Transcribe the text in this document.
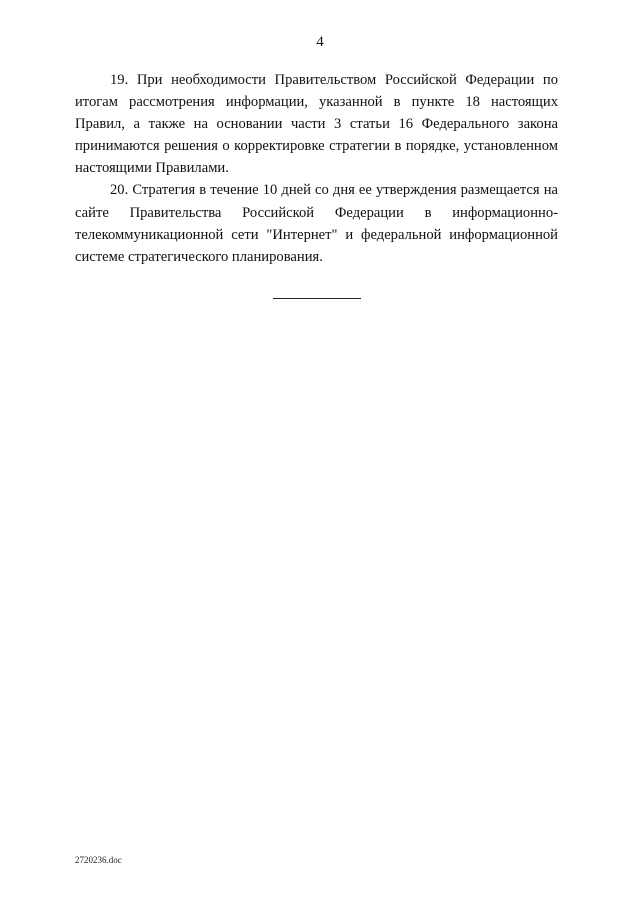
4

19. При необходимости Правительством Российской Федерации по итогам рассмотрения информации, указанной в пункте 18 настоящих Правил, а также на основании части 3 статьи 16 Федерального закона принимаются решения о корректировке стратегии в порядке, установленном настоящими Правилами.

20. Стратегия в течение 10 дней со дня ее утверждения размещается на сайте Правительства Российской Федерации в информационно-телекоммуникационной сети "Интернет" и федеральной информационной системе стратегического планирования.

2720236.doc
